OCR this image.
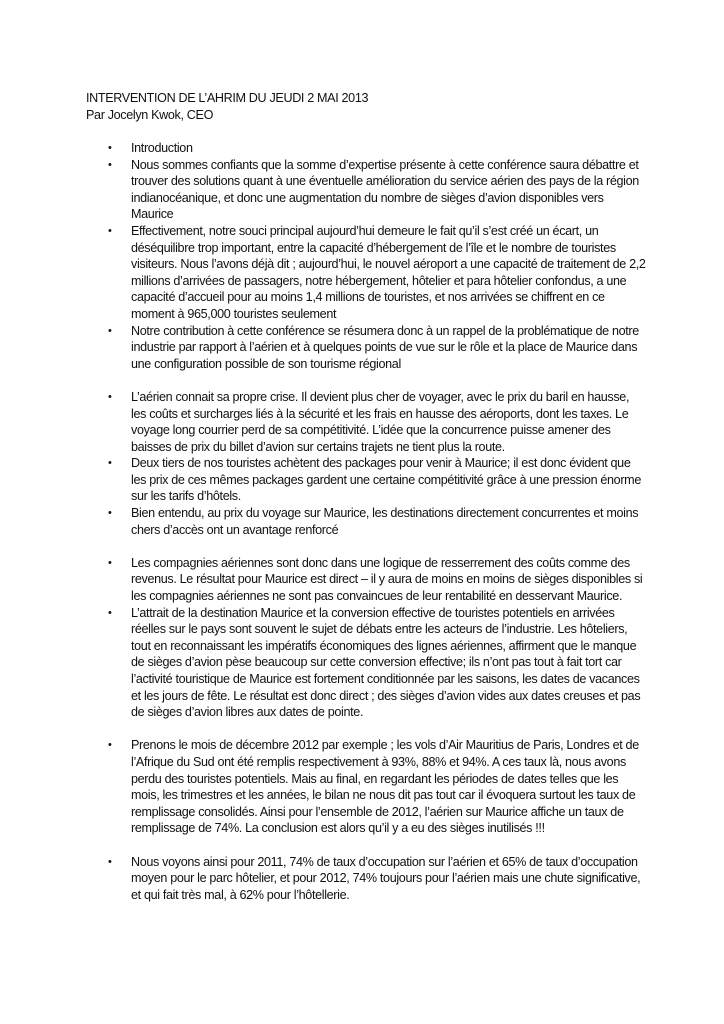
INTERVENTION DE L’AHRIM DU JEUDI 2 MAI 2013
Par Jocelyn Kwok, CEO
• Introduction
• Nous sommes confiants que la somme d’expertise présente à cette conférence saura débattre et trouver des solutions quant à une éventuelle amélioration du service aérien des pays de la région indianocéanique, et donc une augmentation du nombre de sièges d’avion disponibles vers Maurice
• Effectivement, notre souci principal aujourd’hui demeure le fait qu’il s’est créé un écart, un déséquilibre trop important, entre la capacité d’hébergement de l’île et le nombre de touristes visiteurs. Nous l’avons déjà dit ; aujourd’hui, le nouvel aéroport a une capacité de traitement de 2,2 millions d’arrivées de passagers, notre hébergement, hôtelier et para hôtelier confondus, a une capacité d’accueil pour au moins 1,4 millions de touristes, et nos arrivées se chiffrent en ce moment à 965,000 touristes seulement
• Notre contribution à cette conférence se résumera donc à un rappel de la problématique de notre industrie par rapport à l’aérien et à quelques points de vue sur le rôle et la place de Maurice dans une configuration possible de son tourisme régional
• L’aérien connait sa propre crise. Il devient plus cher de voyager, avec le prix du baril en hausse, les coûts et surcharges liés à la sécurité et les frais en hausse des aéroports, dont les taxes. Le voyage long courrier perd de sa compétitivité. L’idée que la concurrence puisse amener des baisses de prix du billet d’avion sur certains trajets ne tient plus la route.
• Deux tiers de nos touristes achètent des packages pour venir à Maurice; il est donc évident que les prix de ces mêmes packages gardent une certaine compétitivité grâce à une pression énorme sur les tarifs d’hôtels.
• Bien entendu, au prix du voyage sur Maurice, les destinations directement concurrentes et moins chers d’accès ont un avantage renforcé
• Les compagnies aériennes sont donc dans une logique de resserrement des coûts comme des revenus. Le résultat pour Maurice est direct – il y aura de moins en moins de sièges disponibles si les compagnies aériennes ne sont pas convaincues de leur rentabilité en desservant Maurice.
• L’attrait de la destination Maurice et la conversion effective de touristes potentiels en arrivées réelles sur le pays sont souvent le sujet de débats entre les acteurs de l’industrie. Les hôteliers, tout en reconnaissant les impératifs économiques des lignes aériennes, affirment que le manque de sièges d’avion pèse beaucoup sur cette conversion effective; ils n’ont pas tout à fait tort car l’activité touristique de Maurice est fortement conditionnée par les saisons, les dates de vacances et les jours de fête. Le résultat est donc direct ; des sièges d’avion vides aux dates creuses et pas de sièges d’avion libres aux dates de pointe.
• Prenons le mois de décembre 2012 par exemple ; les vols d’Air Mauritius de Paris, Londres et de l’Afrique du Sud ont été remplis respectivement à 93%, 88% et 94%. A ces taux là, nous avons perdu des touristes potentiels. Mais au final, en regardant les périodes de dates telles que les mois, les trimestres et les années, le bilan ne nous dit pas tout car il évoquera surtout les taux de remplissage consolidés. Ainsi pour l’ensemble de 2012, l’aérien sur Maurice affiche un taux de remplissage de 74%. La conclusion est alors qu’il y a eu des sièges inutilisés !!!
• Nous voyons ainsi pour 2011, 74% de taux d’occupation sur l’aérien et 65% de taux d’occupation moyen pour le parc hôtelier, et pour 2012, 74% toujours pour l’aérien mais une chute significative, et qui fait très mal, à 62% pour l’hôtellerie.
